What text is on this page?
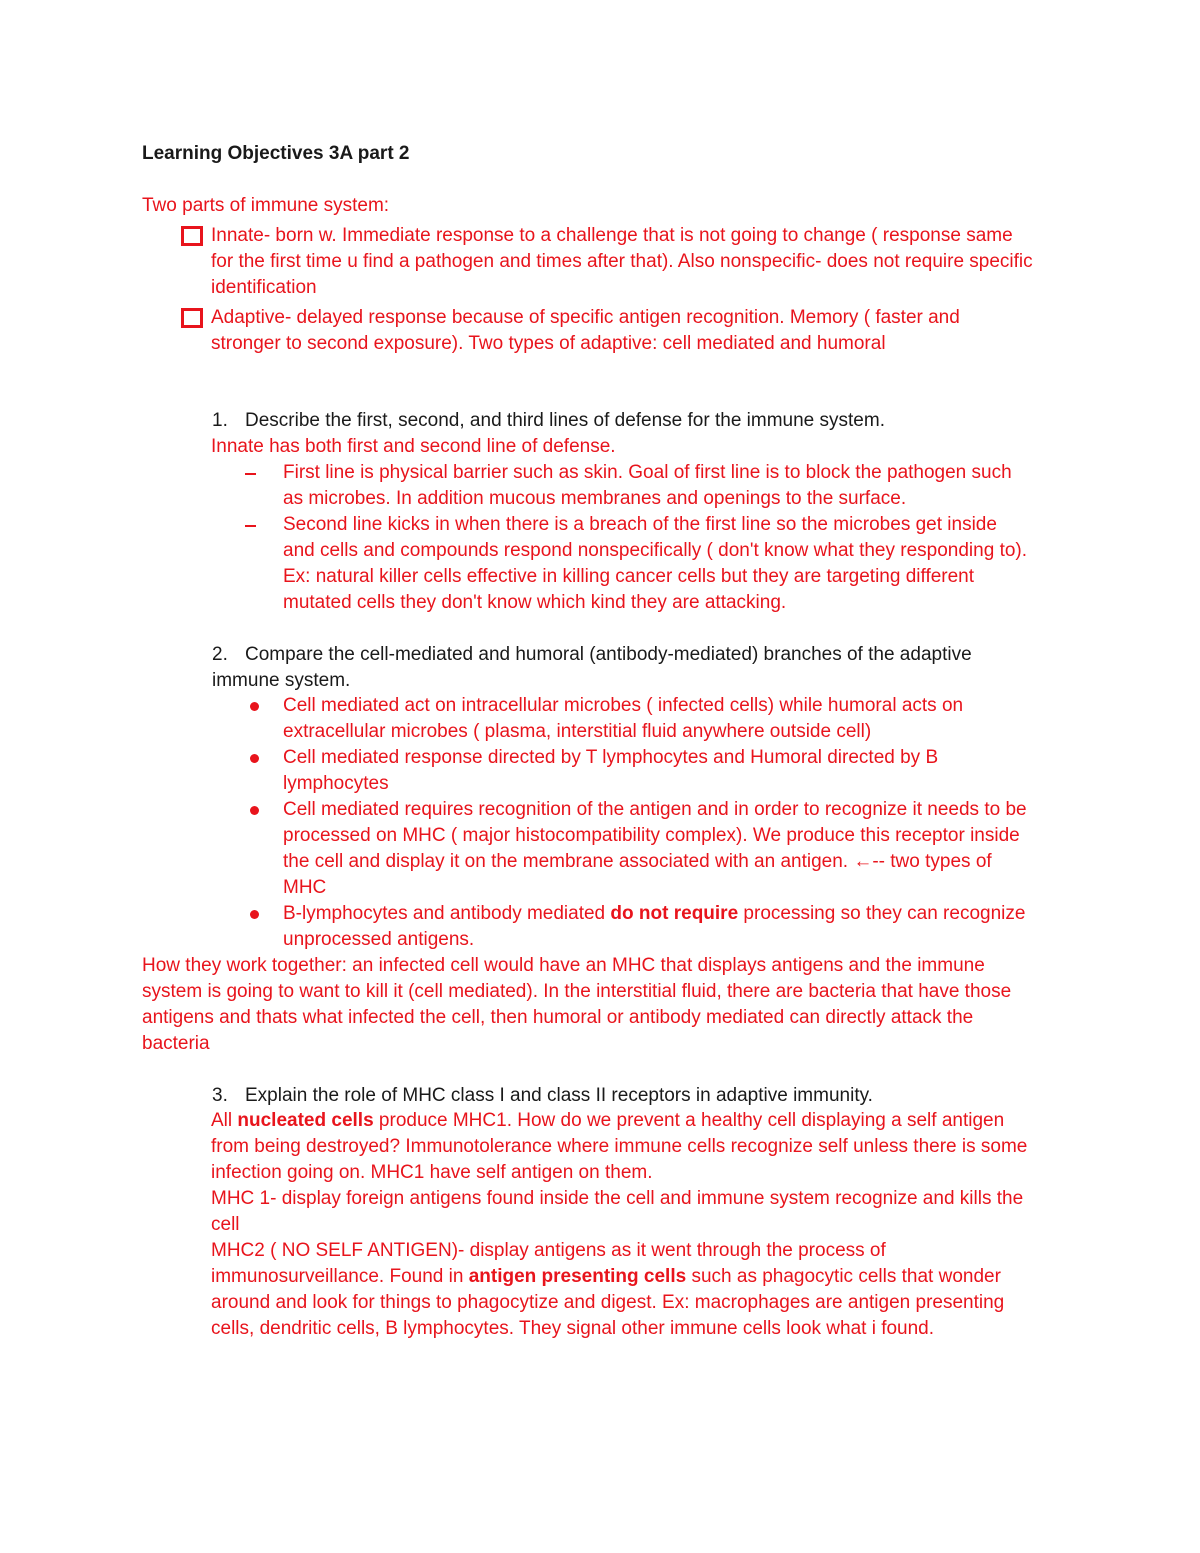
Learning Objectives 3A part 2
Two parts of immune system:
Innate- born w. Immediate response to a challenge that is not going to change ( response same
for the first time u find a pathogen and times after that). Also nonspecific- does not require specific
identification
Adaptive- delayed response because of specific antigen recognition. Memory ( faster and
stronger to second exposure). Two types of adaptive: cell mediated and humoral
1. Describe the first, second, and third lines of defense for the immune system.
Innate has both first and second line of defense.
First line is physical barrier such as skin. Goal of first line is to block the pathogen such
as microbes. In addition mucous membranes and openings to the surface.
Second line kicks in when there is a breach of the first line so the microbes get inside
and cells and compounds respond nonspecifically ( don't know what they responding to).
Ex: natural killer cells effective in killing cancer cells but they are targeting different
mutated cells they don't know which kind they are attacking.
2. Compare the cell-mediated and humoral (antibody-mediated) branches of the adaptive
immune system.
Cell mediated act on intracellular microbes ( infected cells) while humoral acts on
extracellular microbes ( plasma, interstitial fluid anywhere outside cell)
Cell mediated response directed by T lymphocytes and Humoral directed by B
lymphocytes
Cell mediated requires recognition of the antigen and in order to recognize it needs to be
processed on MHC ( major histocompatibility complex). We produce this receptor inside
the cell and display it on the membrane associated with an antigen. ←-- two types of
MHC
B-lymphocytes and antibody mediated do not require processing so they can recognize
unprocessed antigens.
How they work together: an infected cell would have an MHC that displays antigens and the immune
system is going to want to kill it (cell mediated). In the interstitial fluid, there are bacteria that have those
antigens and thats what infected the cell, then humoral or antibody mediated can directly attack the
bacteria
3. Explain the role of MHC class I and class II receptors in adaptive immunity.
All nucleated cells produce MHC1. How do we prevent a healthy cell displaying a self antigen
from being destroyed? Immunotolerance where immune cells recognize self unless there is some
infection going on. MHC1 have self antigen on them.
MHC 1- display foreign antigens found inside the cell and immune system recognize and kills the
cell
MHC2 ( NO SELF ANTIGEN)- display antigens as it went through the process of
immunosurveillance. Found in antigen presenting cells such as phagocytic cells that wonder
around and look for things to phagocytize and digest. Ex: macrophages are antigen presenting
cells, dendritic cells, B lymphocytes. They signal other immune cells look what i found.
